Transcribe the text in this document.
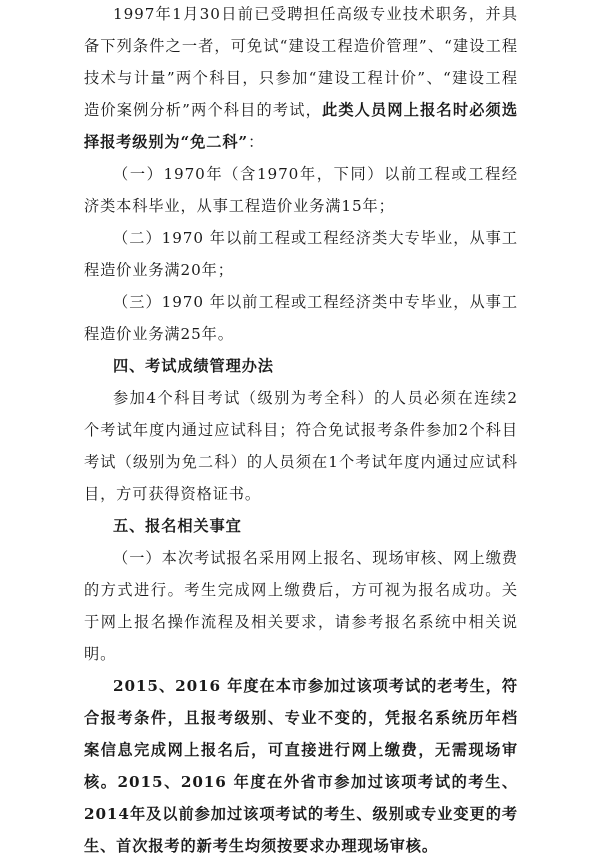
1997年1月30日前已受聘担任高级专业技术职务，并具备下列条件之一者，可免试“建设工程造价管理”、“建设工程技术与计量”两个科目，只参加“建设工程计价”、“建设工程造价案例分析”两个科目的考试，此类人员网上报名时必须选择报考级别为“免二科”：

（一）1970年（含1970年，下同）以前工程或工程经济类本科毕业，从事工程造价业务满15年；

（二）1970 年以前工程或工程经济类大专毕业，从事工程造价业务满20年；

（三）1970 年以前工程或工程经济类中专毕业，从事工程造价业务满25年。

四、考试成绩管理办法

参加4个科目考试（级别为考全科）的人员必须在连续2个考试年度内通过应试科目；符合免试报考条件参加2个科目考试（级别为免二科）的人员须在1个考试年度内通过应试科目，方可获得资格证书。

五、报名相关事宜

（一）本次考试报名采用网上报名、现场审核、网上缴费的方式进行。考生完成网上缴费后，方可视为报名成功。关于网上报名操作流程及相关要求，请参考报名系统中相关说明。

2015、2016 年度在本市参加过该项考试的老考生，符合报考条件，且报考级别、专业不变的，凭报名系统历年档案信息完成网上报名后，可直接进行网上缴费，无需现场审核。2015、2016 年度在外省市参加过该项考试的考生、2014年及以前参加过该项考试的考生、级别或专业变更的考生、首次报考的新考生均须按要求办理现场审核。
